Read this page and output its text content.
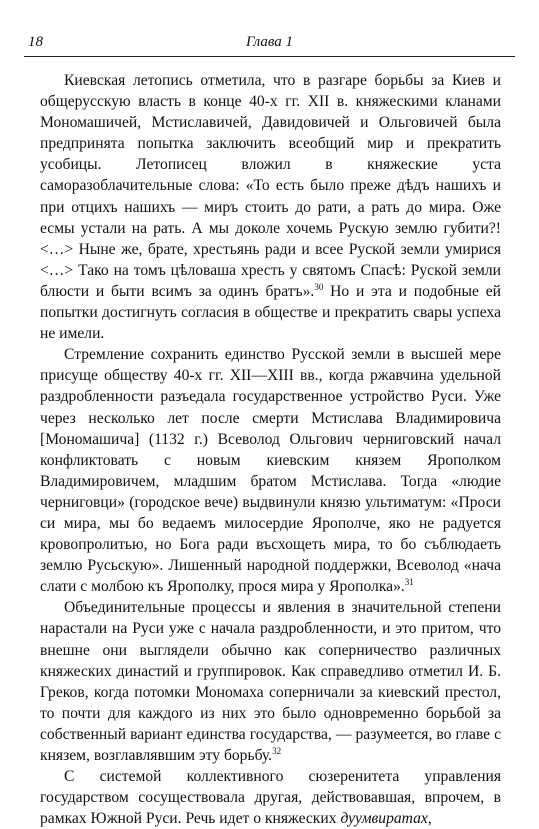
18	Глава 1

Киевская летопись отметила, что в разгаре борьбы за Киев и общерусскую власть в конце 40-х гг. XII в. княжескими кланами Мономашичей, Мстиславичей, Давидовичей и Ольговичей была предпринята попытка заключить всеобщий мир и прекратить усобицы. Летописец вложил в княжеские уста саморазоблачительные слова: «То есть было преже дѣдъ нашихъ и при отцихъ нашихъ — миръ стоить до рати, а рать до мира. Оже есмы устали на рать. А мы доколе хочемь Рускую землю губити?! <…> Ныне же, брате, хрестьянь ради и всее Руской земли умирися <…> Тако на томъ цѣловаша хресть у святомъ Спасѣ: Руской земли блюсти и быти всимъ за одинъ братъ».$^{30}$ Но и эта и подобные ей попытки достигнуть согласия в обществе и прекратить свары успеха не имели.

Стремление сохранить единство Русской земли в высшей мере присуще обществу 40-х гг. XII—XIII вв., когда ржавчина удельной раздробленности разъедала государственное устройство Руси. Уже через несколько лет после смерти Мстислава Владимировича [Мономашича] (1132 г.) Всеволод Ольгович черниговский начал конфликтовать с новым киевским князем Ярополком Владимировичем, младшим братом Мстислава. Тогда «людие черниговци» (городское вече) выдвинули князю ультиматум: «Проси си мира, мы бо ведаемъ милосердие Ярополче, яко не радуется кровопролитью, но Бога ради въсхощеть мира, то бо съблюдаеть землю Русьскую». Лишенный народной поддержки, Всеволод «нача слати с молбою къ Ярополку, прося мира у Ярополка».$^{31}$

Объединительные процессы и явления в значительной степени нарастали на Руси уже с начала раздробленности, и это притом, что внешне они выглядели обычно как соперничество различных княжеских династий и группировок. Как справедливо отметил И. Б. Греков, когда потомки Мономаха соперничали за киевский престол, то почти для каждого из них это было одновременно борьбой за собственный вариант единства государства, — разумеется, во главе с князем, возглавлявшим эту борьбу.$^{32}$

С системой коллективного сюзеренитета управления государством сосуществовала другая, действовавшая, впрочем, в рамках Южной Руси. Речь идет о княжеских дуумвиратах,
